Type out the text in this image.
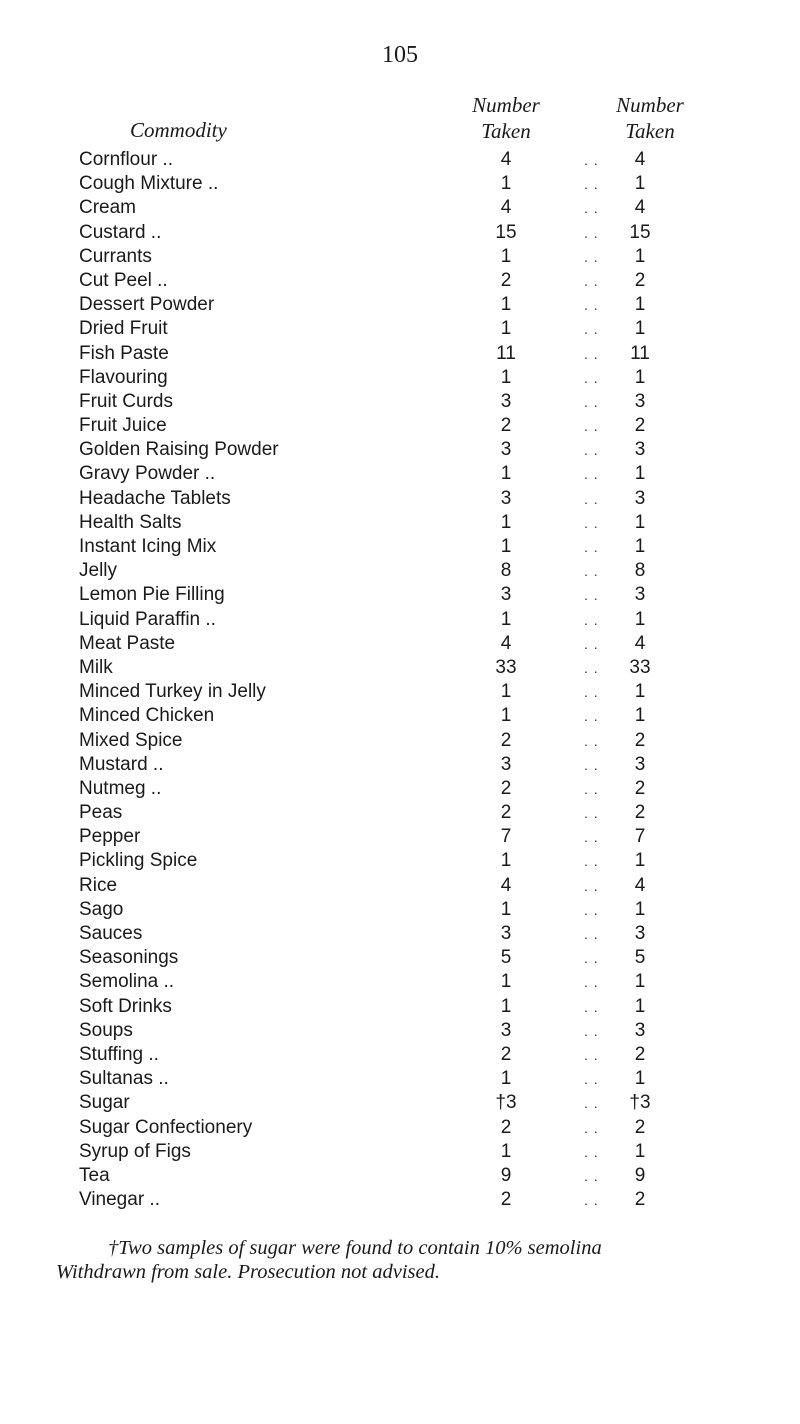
105
Commodity
Number
Taken
Number
Taken
Cornflour ..	4	. .	4
Cough Mixture ..	1	. .	1
Cream	4	. .	4
Custard ..	15	. .	15
Currants	1	. .	1
Cut Peel ..	2	. .	2
Dessert Powder	1	. .	1
Dried Fruit	1	. .	1
Fish Paste	11	. .	11
Flavouring	1	. .	1
Fruit Curds	3	. .	3
Fruit Juice	2	. .	2
Golden Raising Powder	3	. .	3
Gravy Powder ..	1	. .	1
Headache Tablets	3	. .	3
Health Salts	1	. .	1
Instant Icing Mix	1	. .	1
Jelly	8	. .	8
Lemon Pie Filling	3	. .	3
Liquid Paraffin ..	1	. .	1
Meat Paste	4	. .	4
Milk	33	. .	33
Minced Turkey in Jelly	1	. .	1
Minced Chicken	1	. .	1
Mixed Spice	2	. .	2
Mustard ..	3	. .	3
Nutmeg ..	2	. .	2
Peas	2	. .	2
Pepper	7	. .	7
Pickling Spice	1	. .	1
Rice	4	. .	4
Sago	1	. .	1
Sauces	3	. .	3
Seasonings	5	. .	5
Semolina ..	1	. .	1
Soft Drinks	1	. .	1
Soups	3	. .	3
Stuffing ..	2	. .	2
Sultanas ..	1	. .	1
Sugar	†3	. .	†3
Sugar Confectionery	2	. .	2
Syrup of Figs	1	. .	1
Tea	9	. .	9
Vinegar ..	2	. .	2
†Two samples of sugar were found to contain 10% semolina
Withdrawn from sale. Prosecution not advised.
